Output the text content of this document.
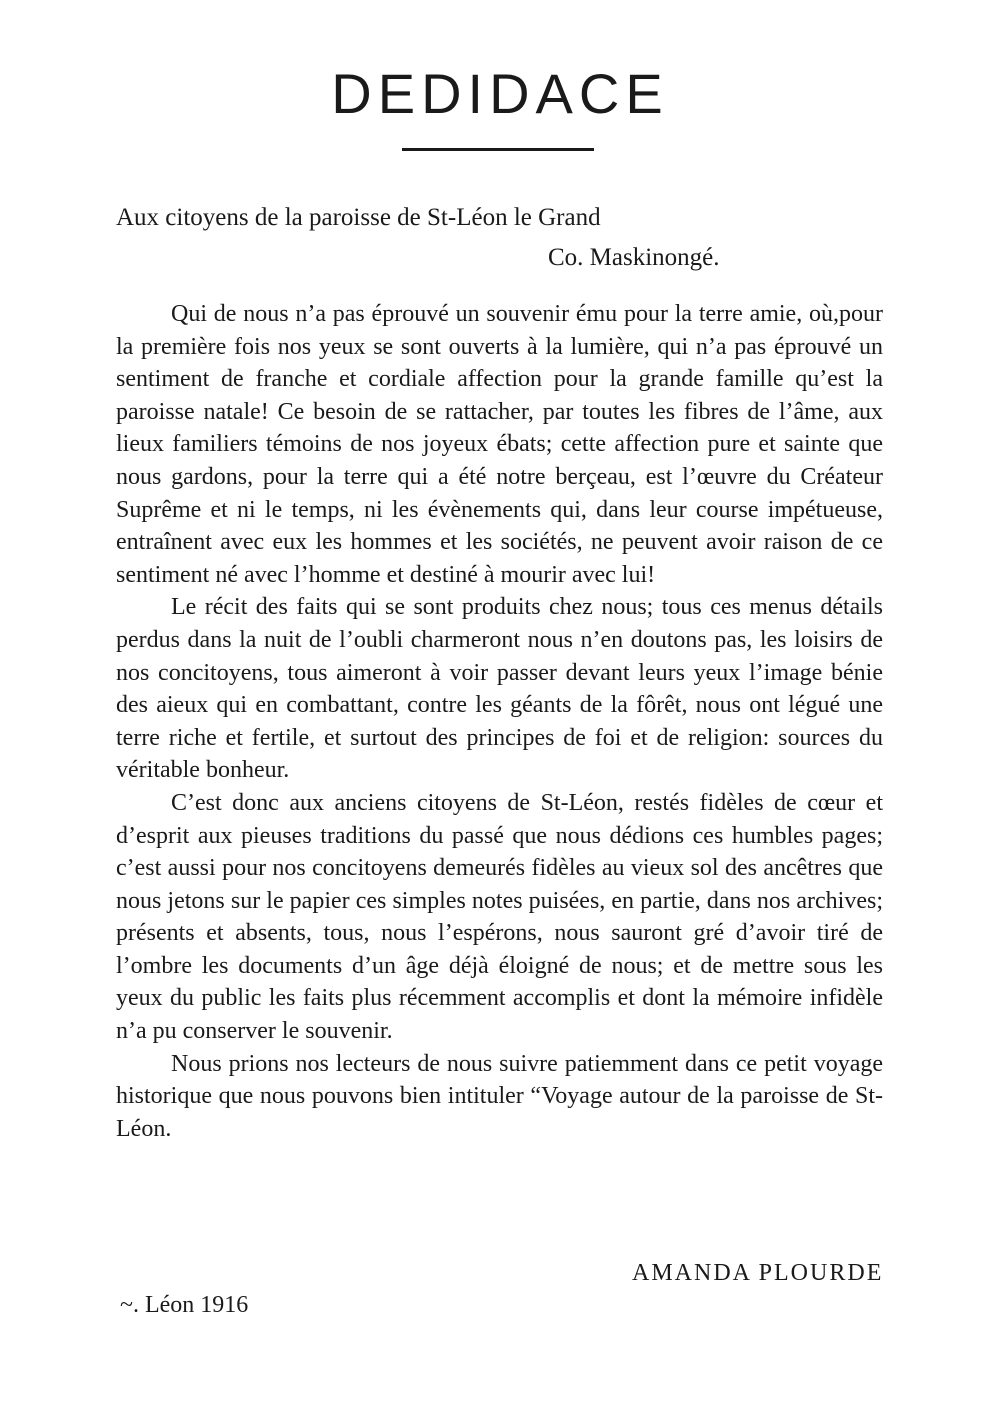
DEDIDACE
Aux citoyens de la paroisse de St-Léon le Grand
Co. Maskinongé.

Qui de nous n’a pas éprouvé un souvenir ému pour la terre amie, où,pour la première fois nos yeux se sont ouverts à la lumière, qui n’a pas éprouvé un sentiment de franche et cordiale affection pour la grande famille qu’est la paroisse natale! Ce besoin de se rattacher, par toutes les fibres de l’âme, aux lieux familiers témoins de nos joyeux ébats; cette affection pure et sainte que nous gardons, pour la terre qui a été notre berçeau, est l’œuvre du Créateur Suprême et ni le temps, ni les évènements qui, dans leur course impétueuse, entraînent avec eux les hommes et les sociétés, ne peuvent avoir raison de ce sentiment né avec l’homme et destiné à mourir avec lui!

Le récit des faits qui se sont produits chez nous; tous ces menus détails perdus dans la nuit de l’oubli charmeront nous n’en doutons pas, les loisirs de nos concitoyens, tous aimeront à voir passer devant leurs yeux l’image bénie des aieux qui en combattant, contre les géants de la fôrêt, nous ont légué une terre riche et fertile, et surtout des principes de foi et de religion: sources du véritable bonheur.

C’est donc aux anciens citoyens de St-Léon, restés fidèles de cœur et d’esprit aux pieuses traditions du passé que nous dédions ces humbles pages; c’est aussi pour nos concitoyens demeurés fidèles au vieux sol des ancêtres que nous jetons sur le papier ces simples notes puisées, en partie, dans nos archives; présents et absents, tous, nous l’espérons, nous sauront gré d’avoir tiré de l’ombre les documents d’un âge déjà éloigné de nous; et de mettre sous les yeux du public les faits plus récemment accomplis et dont la mémoire infidèle n’a pu conserver le souvenir.

Nous prions nos lecteurs de nous suivre patiemment dans ce petit voyage historique que nous pouvons bien intituler “Voyage autour de la paroisse de St-Léon.

AMANDA PLOURDE
~. Léon 1916
